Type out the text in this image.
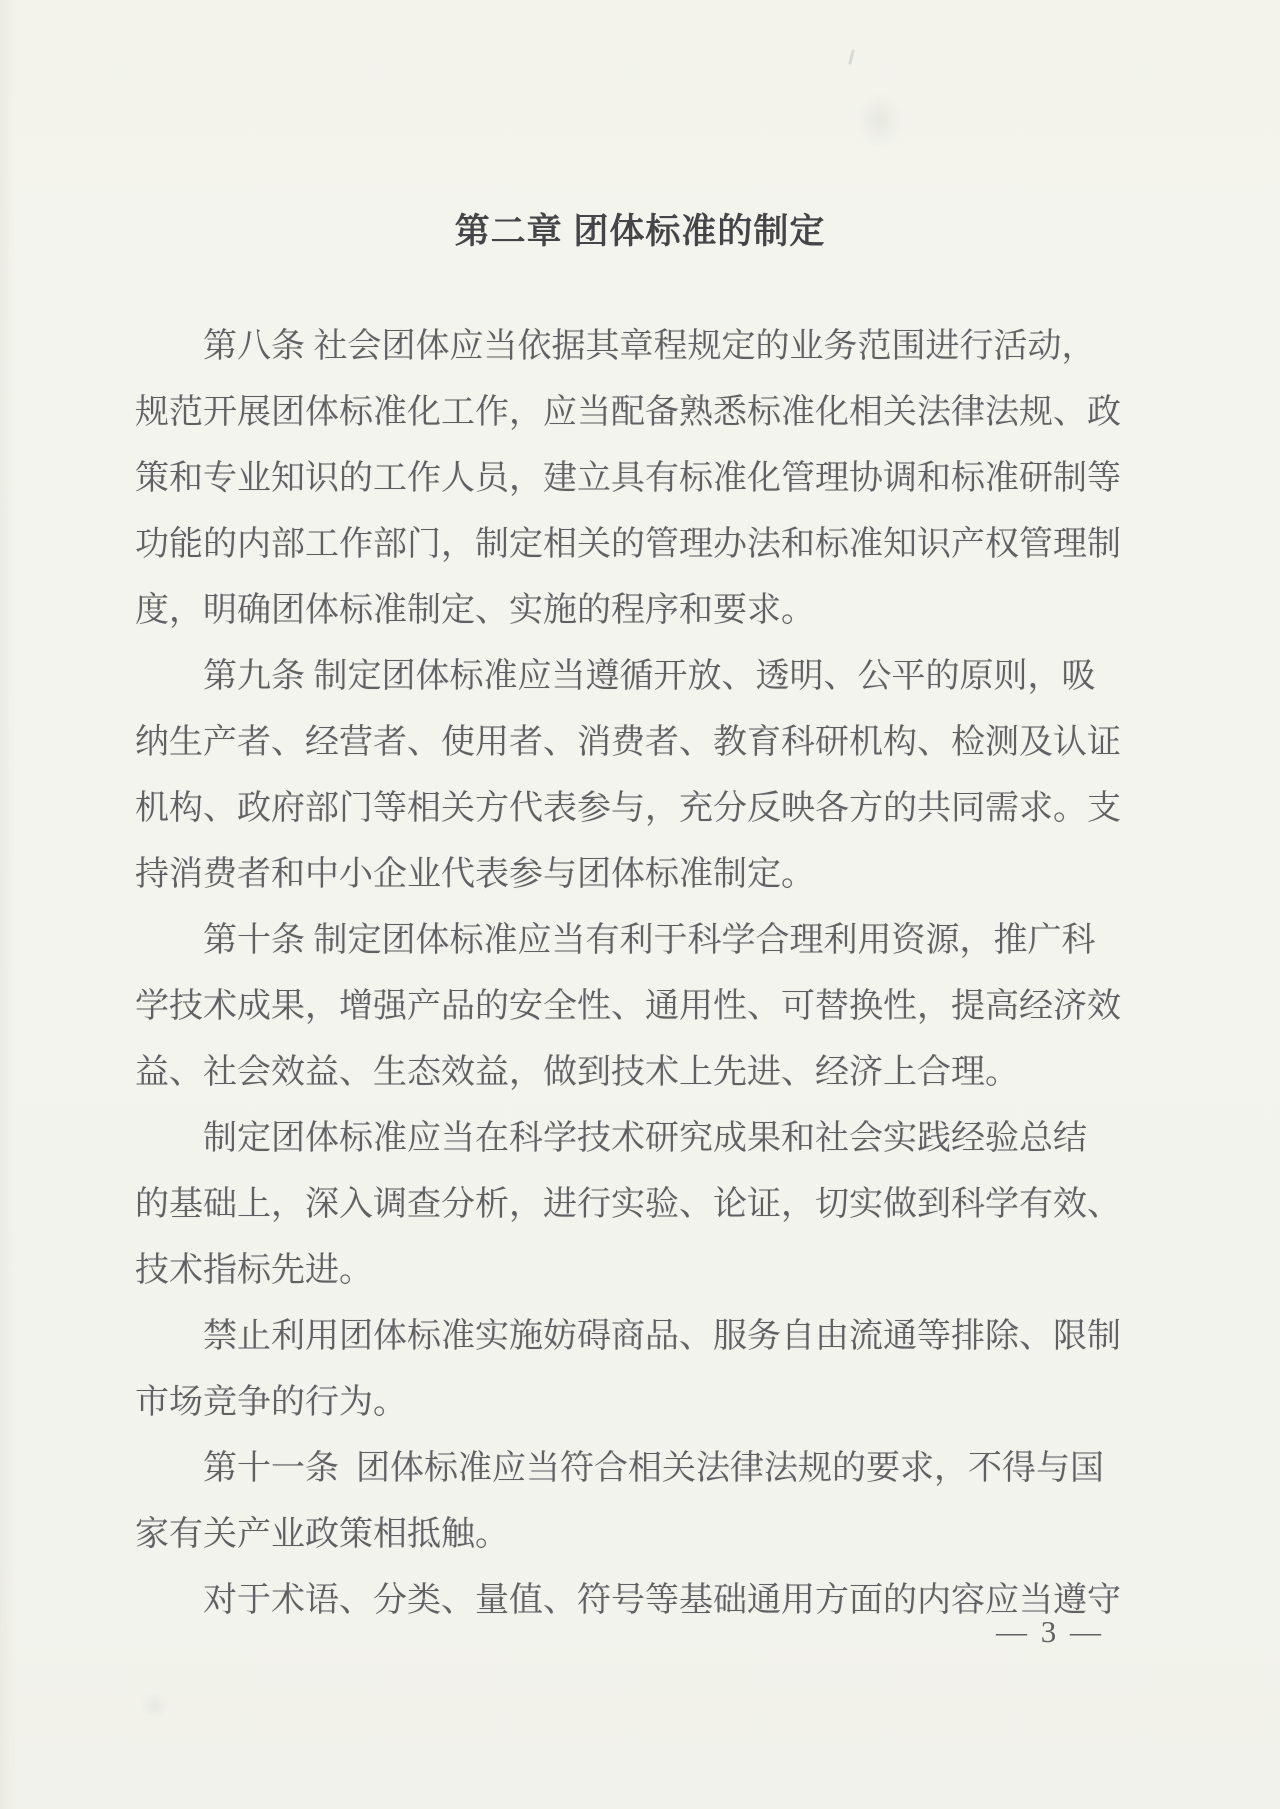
第二章 团体标准的制定
第八条 社会团体应当依据其章程规定的业务范围进行活动，
规范开展团体标准化工作，应当配备熟悉标准化相关法律法规、政
策和专业知识的工作人员，建立具有标准化管理协调和标准研制等
功能的内部工作部门，制定相关的管理办法和标准知识产权管理制
度，明确团体标准制定、实施的程序和要求。
第九条 制定团体标准应当遵循开放、透明、公平的原则，吸
纳生产者、经营者、使用者、消费者、教育科研机构、检测及认证
机构、政府部门等相关方代表参与，充分反映各方的共同需求。支
持消费者和中小企业代表参与团体标准制定。
第十条 制定团体标准应当有利于科学合理利用资源，推广科
学技术成果，增强产品的安全性、通用性、可替换性，提高经济效
益、社会效益、生态效益，做到技术上先进、经济上合理。
制定团体标准应当在科学技术研究成果和社会实践经验总结
的基础上，深入调查分析，进行实验、论证，切实做到科学有效、
技术指标先进。
禁止利用团体标准实施妨碍商品、服务自由流通等排除、限制
市场竞争的行为。
第十一条  团体标准应当符合相关法律法规的要求，不得与国
家有关产业政策相抵触。
对于术语、分类、量值、符号等基础通用方面的内容应当遵守
— 3 —
